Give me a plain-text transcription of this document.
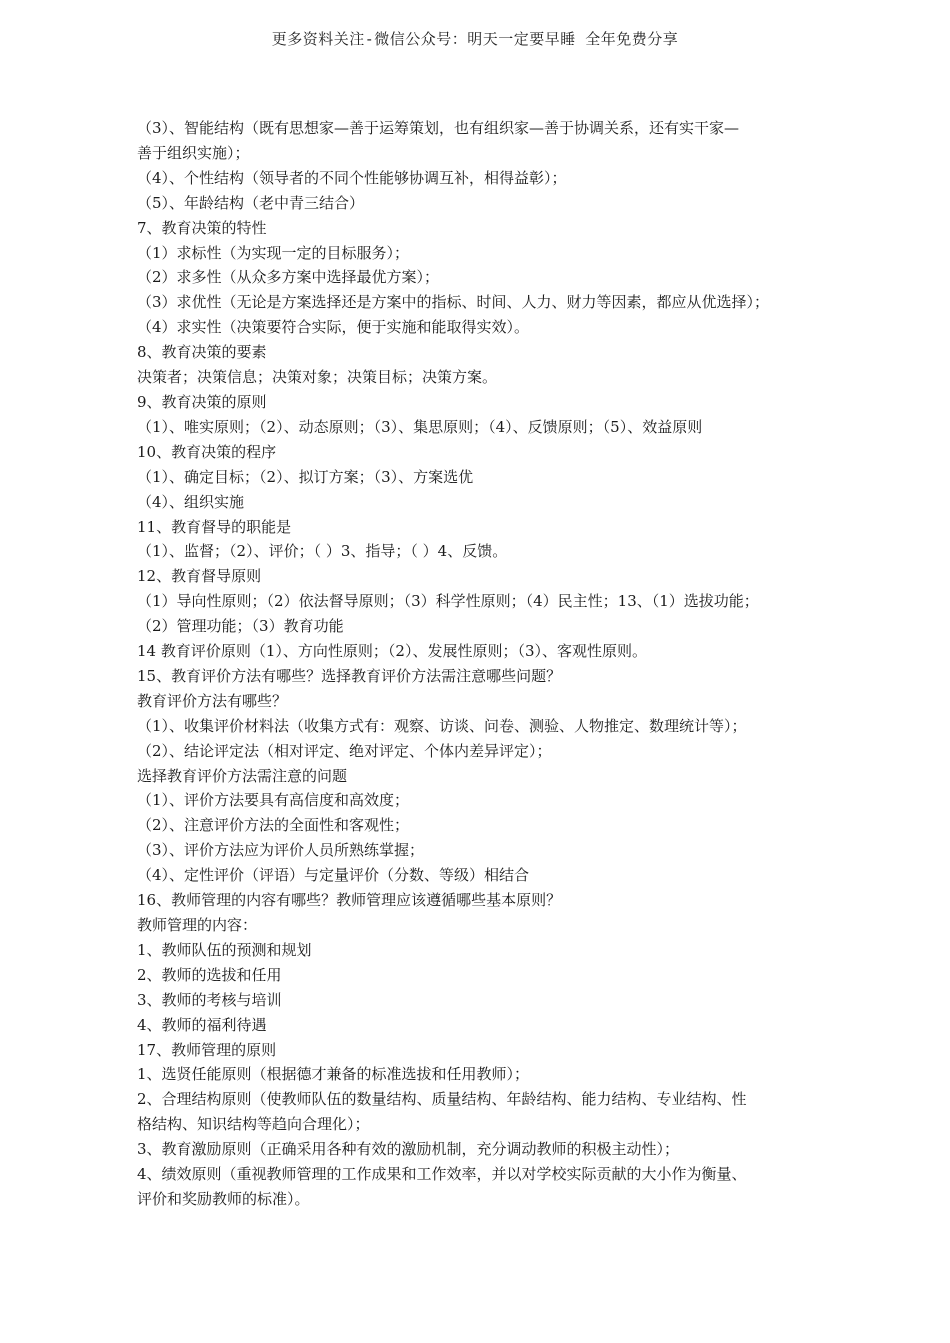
更多资料关注-微信公众号：明天一定要早睡 全年免费分享
（3）、智能结构（既有思想家—善于运筹策划，也有组织家—善于协调关系，还有实干家—
善于组织实施）；
（4）、个性结构（领导者的不同个性能够协调互补，相得益彰）；
（5）、年龄结构（老中青三结合）
7、教育决策的特性
（1）求标性（为实现一定的目标服务）；
（2）求多性（从众多方案中选择最优方案）；
（3）求优性（无论是方案选择还是方案中的指标、时间、人力、财力等因素，都应从优选择）；
（4）求实性（决策要符合实际，便于实施和能取得实效）。
8、教育决策的要素
决策者；决策信息；决策对象；决策目标；决策方案。
9、教育决策的原则
（1）、唯实原则；（2）、动态原则；（3）、集思原则；（4）、反馈原则；（5）、效益原则
10、教育决策的程序
（1）、确定目标；（2）、拟订方案；（3）、方案选优
（4）、组织实施
11、教育督导的职能是
（1）、监督；（2）、评价；（ ）3、指导；（ ）4、反馈。
12、教育督导原则
（1）导向性原则；（2）依法督导原则；（3）科学性原则；（4）民主性；13、（1）选拔功能；
（2）管理功能；（3）教育功能
14 教育评价原则（1）、方向性原则；（2）、发展性原则；（3）、客观性原则。
15、教育评价方法有哪些？选择教育评价方法需注意哪些问题？
教育评价方法有哪些？
（1）、收集评价材料法（收集方式有：观察、访谈、问卷、测验、人物推定、数理统计等）；
（2）、结论评定法（相对评定、绝对评定、个体内差异评定）；
选择教育评价方法需注意的问题
（1）、评价方法要具有高信度和高效度；
（2）、注意评价方法的全面性和客观性；
（3）、评价方法应为评价人员所熟练掌握；
（4）、定性评价（评语）与定量评价（分数、等级）相结合
16、教师管理的内容有哪些？教师管理应该遵循哪些基本原则？
教师管理的内容：
1、教师队伍的预测和规划
2、教师的选拔和任用
3、教师的考核与培训
4、教师的福利待遇
17、教师管理的原则
1、选贤任能原则（根据德才兼备的标准选拔和任用教师）；
2、合理结构原则（使教师队伍的数量结构、质量结构、年龄结构、能力结构、专业结构、性
格结构、知识结构等趋向合理化）；
3、教育激励原则（正确采用各种有效的激励机制，充分调动教师的积极主动性）；
4、绩效原则（重视教师管理的工作成果和工作效率，并以对学校实际贡献的大小作为衡量、
评价和奖励教师的标准）。
